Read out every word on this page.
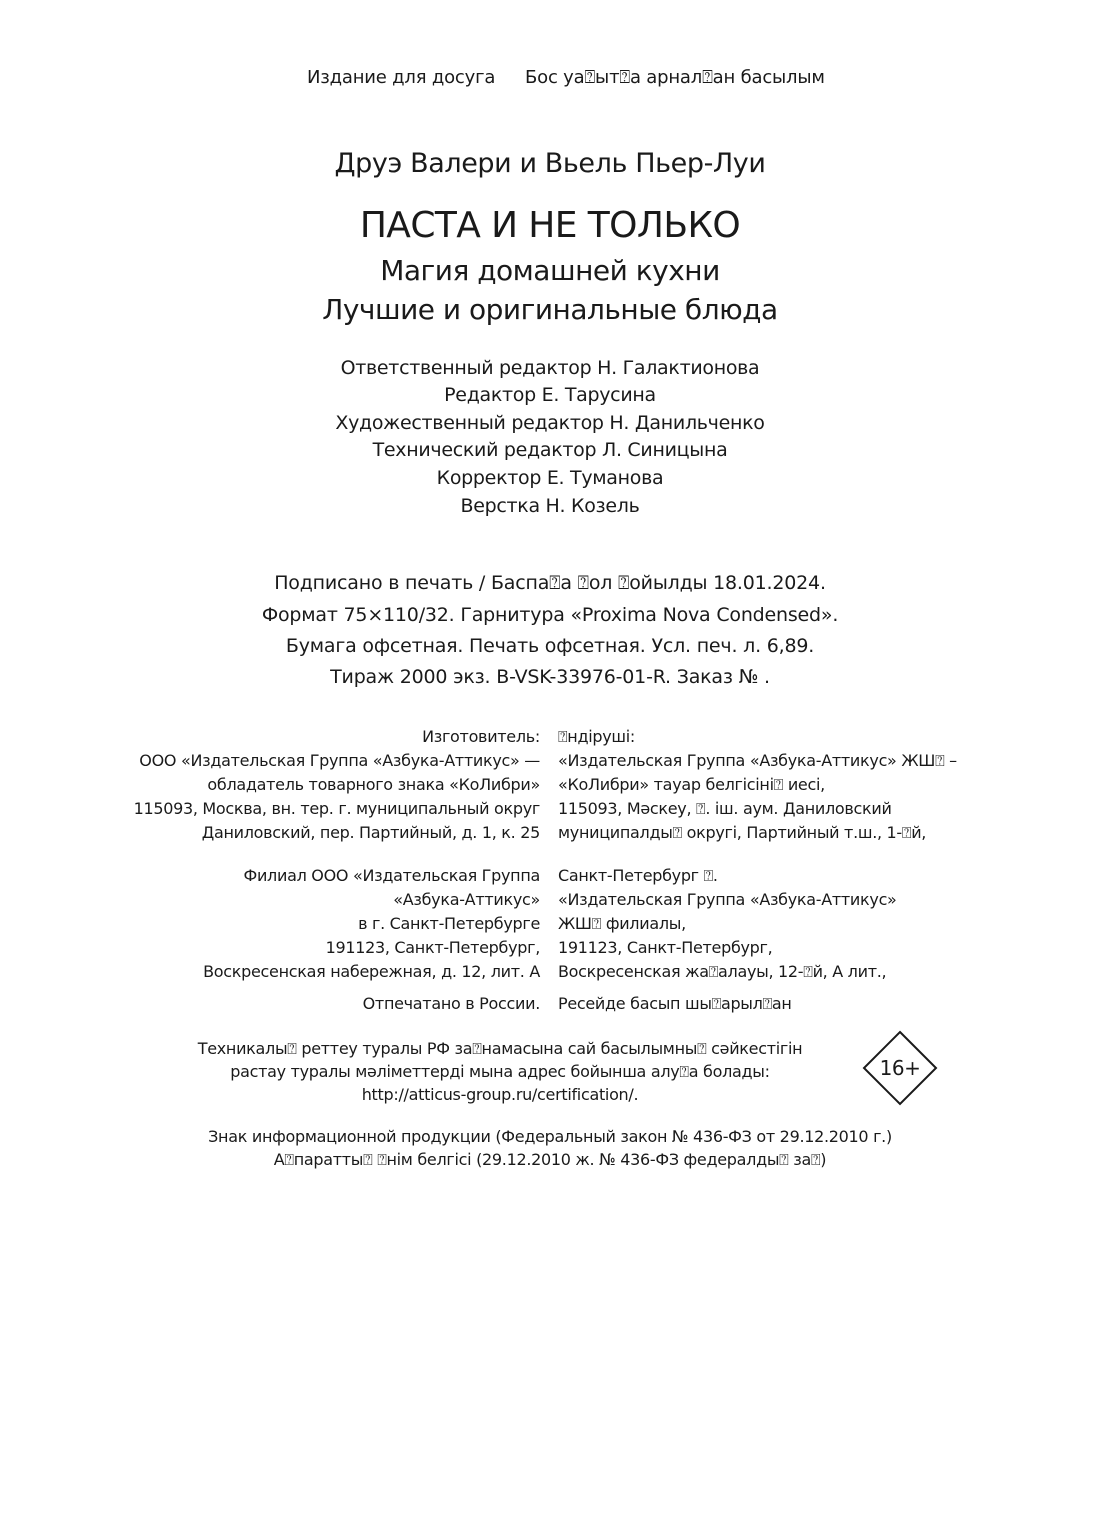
Издание для досуга Бос уа⍰ыт⍰а арнал⍰ан басылым
Друэ Валери и Вьель Пьер-Луи
ПАСТА И НЕ ТОЛЬКО
Магия домашней кухни
Лучшие и оригинальные блюда
Ответственный редактор Н. Галактионова
Редактор Е. Тарусина
Художественный редактор Н. Данильченко
Технический редактор Л. Синицына
Корректор Е. Туманова
Верстка Н. Козель
Подписано в печать / Баспа⍰а ⍰ол ⍰ойылды 18.01.2024.
Формат 75×110/32. Гарнитура «Proxima Nova Condensed».
Бумага офсетная. Печать офсетная. Усл. печ. л. 6,89.
Тираж 2000 экз. B-VSK-33976-01-R. Заказ № .
Изготовитель:
ООО «Издательская Группа «Азбука-Аттикус» —
обладатель товарного знака «КоЛибри»
115093, Москва, вн. тер. г. муниципальный округ
Даниловский, пер. Партийный, д. 1, к. 25
⍰ндіруші:
«Издательская Группа «Азбука-Аттикус» ЖШ⍰ –
«КоЛибри» тауар белгісіні⍰ иесі,
115093, Мәскеу, ⍰. іш. аум. Даниловский
муниципалды⍰ округі, Партийный т.ш., 1-⍰й,
Филиал ООО «Издательская Группа
«Азбука-Аттикус»
в г. Санкт-Петербурге
191123, Санкт-Петербург,
Воскресенская набережная, д. 12, лит. А
Санкт-Петербург ⍰.
«Издательская Группа «Азбука-Аттикус»
ЖШ⍰ филиалы,
191123, Санкт-Петербург,
Воскресенская жа⍰алауы, 12-⍰й, А лит.,
Отпечатано в России. Ресейде басып шы⍰арыл⍰ан
Техникалы⍰ реттеу туралы РФ за⍰намасына сай басылымны⍰ сәйкестігін
растау туралы мәліметтерді мына адрес бойынша алу⍰а болады:
http://atticus-group.ru/certification/.
16+
Знак информационной продукции (Федеральный закон № 436-ФЗ от 29.12.2010 г.)
А⍰паратты⍰ ⍰нім белгісі (29.12.2010 ж. № 436-ФЗ федералды⍰ за⍰)
